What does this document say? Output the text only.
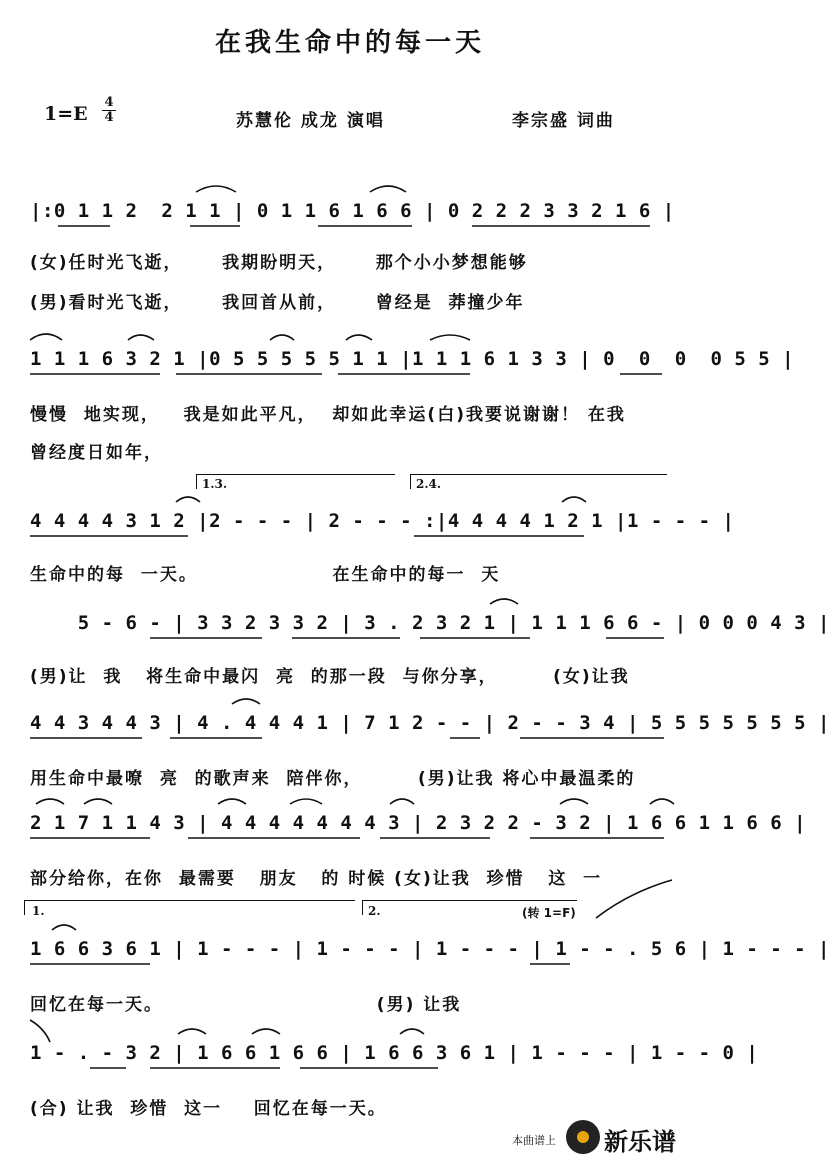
在我生命中的每一天
$1=E \frac{4}{4}$	苏慧伦 成龙 演唱	李宗盛 词曲
|:0 1 1 2  2 1 1 | 0 1 1 6 1 6 6 | 0 2 2 2 3 3 2 1 6 |
(女)任时光飞逝，     我期盼明天，     那个小小梦想能够
(男)看时光飞逝，     我回首从前，     曾经是  莽撞少年
1 1 1 6 3 2 1 |0 5 5 5 5 5 1 1 |1 1 1 6 1 3 3 | 0  0  0  0 5 5 |
慢慢  地实现，   我是如此平凡，  却如此幸运(白)我要说谢谢！ 在我
曾经度日如年，
1.3.	2.4.
4 4 4 4 3 1 2 |2 - - - | 2 - - - :|4 4 4 4 1 2 1 |1 - - - |
生命中的每  一天。                 在生命中的每一  天
5 - 6 - | 3 3 2 3 3 2 | 3 . 2 3 2 1 | 1 1 1 6 6 - | 0 0 0 4 3 |
(男)让  我   将生命中最闪  亮  的那一段  与你分享，       (女)让我
4 4 3 4 4 3 | 4 . 4 4 4 1 | 7 1 2 - - | 2 - - 3 4 | 5 5 5 5 5 5 5 |
用生命中最嘹  亮  的歌声来  陪伴你，       (男)让我 将心中最温柔的
2 1 7 1 1 4 3 | 4 4 4 4 4 4 4 3 | 2 3 2 2 - 3 2 | 1 6 6 1 1 6 6 |
部分给你，在你  最需要   朋友   的 时候 (女)让我  珍惜   这  一
1.	2.	(转 1=F)
1 6 6 3 6 1 | 1 - - - | 1 - - - | 1 - - - | 1 - - . 5 6 | 1 - - - |
回忆在每一天。                           (男) 让我
1 - . - 3 2 | 1 6 6 1 6 6 | 1 6 6 3 6 1 | 1 - - - | 1 - - 0 |
(合) 让我  珍惜  这一    回忆在每一天。
本曲谱上 新乐谱
